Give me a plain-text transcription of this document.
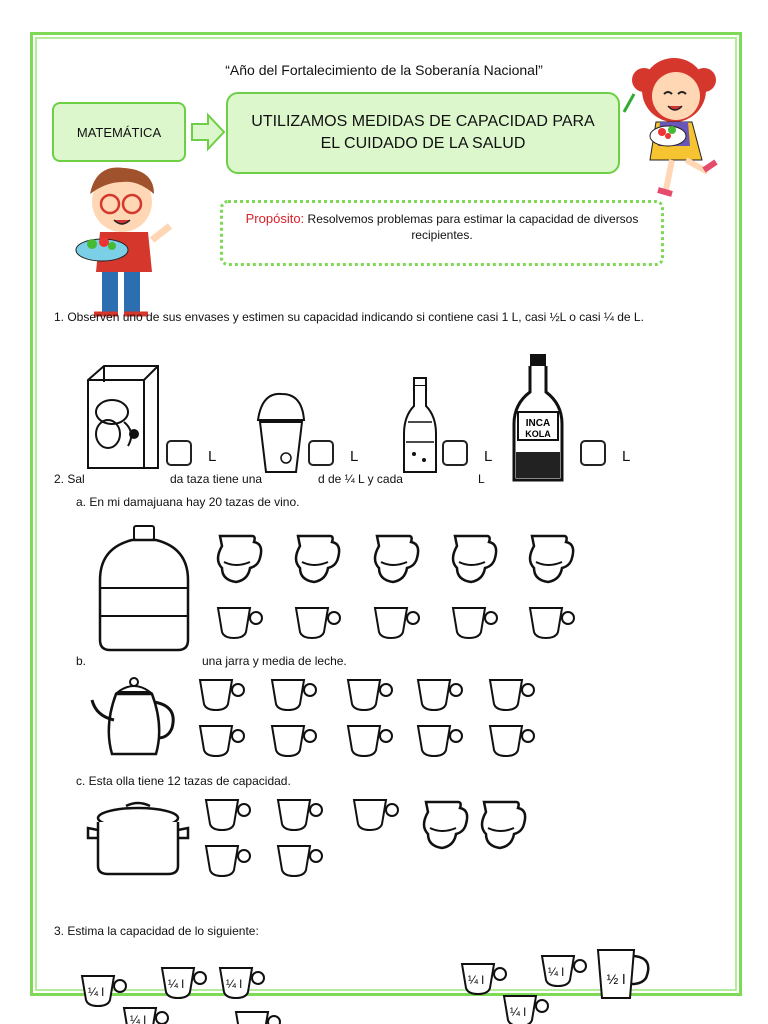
“Año del Fortalecimiento de la Soberanía Nacional”
MATEMÁTICA
UTILIZAMOS MEDIDAS DE CAPACIDAD PARA EL CUIDADO DE LA SALUD
Propósito: Resolvemos problemas para estimar la capacidad de diversos recipientes.
1. Observen uno de sus envases y estimen su capacidad indicando si contiene casi 1 L, casi ½L o casi ¼ de L.
L	L	L
INCA
KOLA
L
2. Sal	da taza tiene una	d de ¼ L y cada	L
a. En mi damajuana hay 20 tazas de vino.
b.	una jarra y media de leche.
c. Esta olla tiene 12 tazas de capacidad.
3. Estima la capacidad de lo siguiente:
¼ l
¼ l	¼ l
¼ l
¼ l
¼ l
¼ l
½ l
